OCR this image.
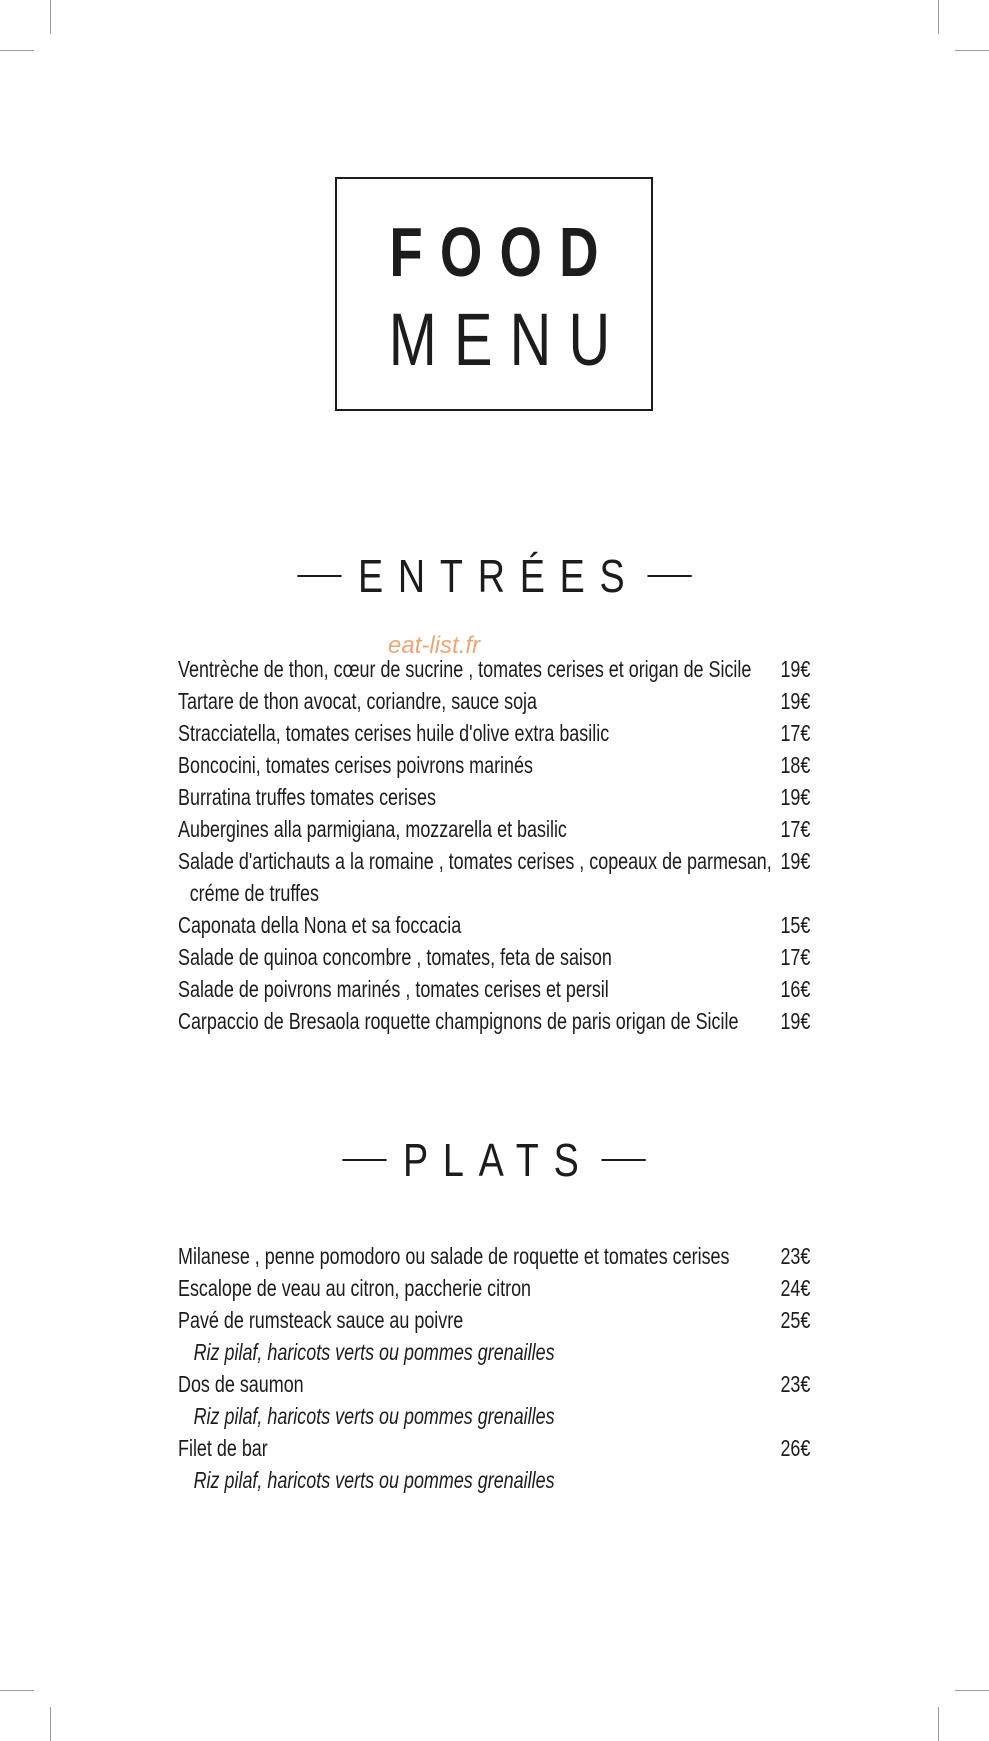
FOOD
MENU
ENTRÉES
eat-list.fr
Ventrèche de thon, cœur de sucrine , tomates cerises et origan de Sicile 19€
Tartare de thon avocat, coriandre, sauce soja	19€
Stracciatella, tomates cerises huile d'olive extra basilic	17€
Boncocini, tomates cerises poivrons marinés	18€
Burratina truffes tomates cerises	19€
Aubergines alla parmigiana, mozzarella et basilic	17€
Salade d'artichauts a la romaine , tomates cerises , copeaux de parmesan, 19€
créme de truffes
Caponata della Nona et sa foccacia	15€
Salade de quinoa concombre , tomates, feta de saison	17€
Salade de poivrons marinés , tomates cerises et persil	16€
Carpaccio de Bresaola roquette champignons de paris origan de Sicile 19€
PLATS
Milanese , penne pomodoro ou salade de roquette et tomates cerises 23€
Escalope de veau au citron, paccherie citron	24€
Pavé de rumsteack sauce au poivre	25€
Riz pilaf, haricots verts ou pommes grenailles
Dos de saumon	23€
Riz pilaf, haricots verts ou pommes grenailles
Filet de bar	26€
Riz pilaf, haricots verts ou pommes grenailles
